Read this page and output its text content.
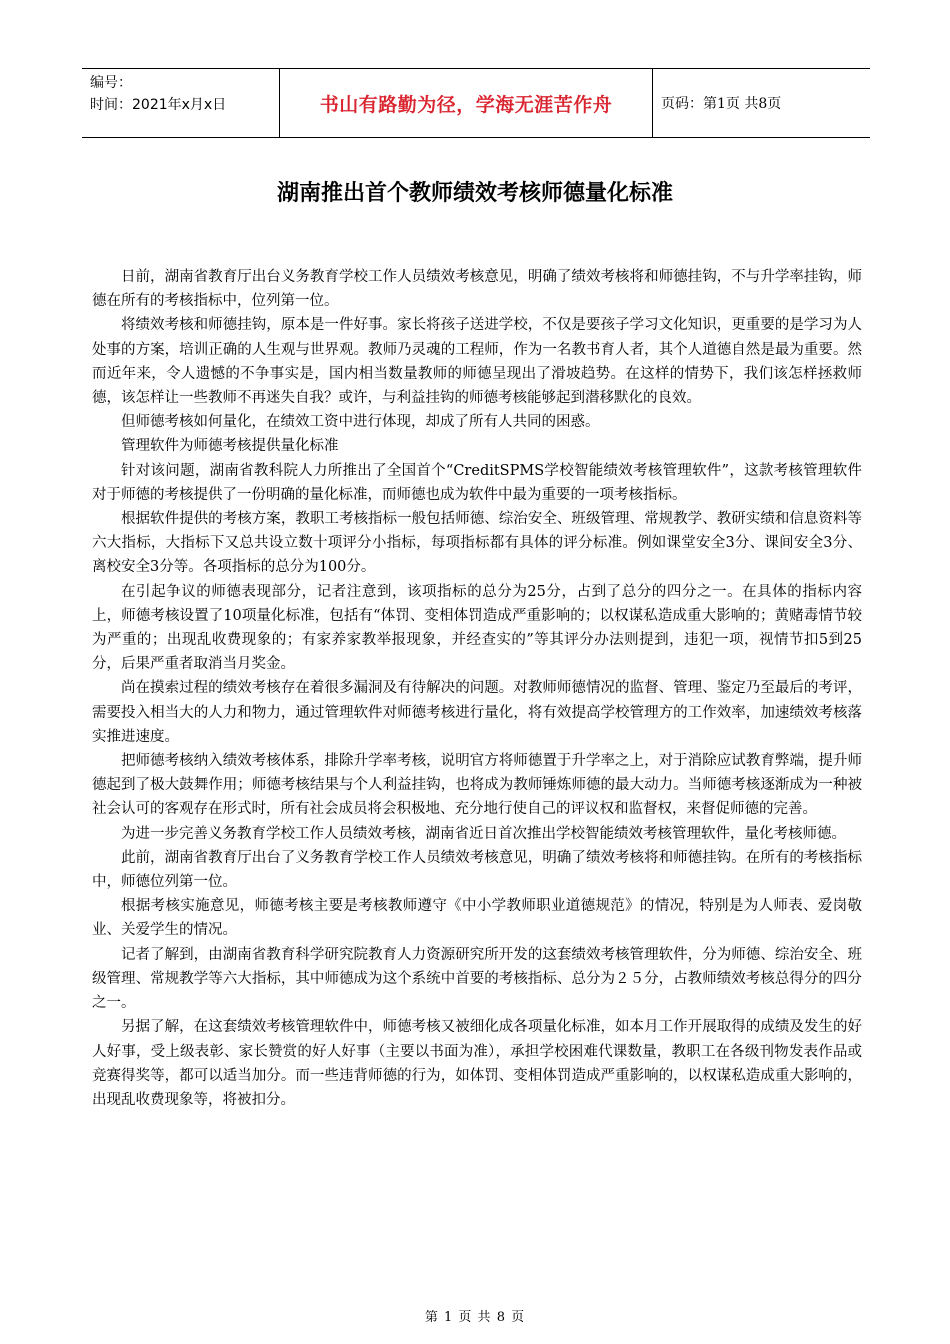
编号：
时间：2021年x月x日	书山有路勤为径，学海无涯苦作舟	页码：第1页 共8页
湖南推出首个教师绩效考核师德量化标准

日前，湖南省教育厅出台义务教育学校工作人员绩效考核意见，明确了绩效考核将和师德挂钩，不与升学率挂钩，师德在所有的考核指标中，位列第一位。

将绩效考核和师德挂钩，原本是一件好事。家长将孩子送进学校，不仅是要孩子学习文化知识，更重要的是学习为人处事的方案，培训正确的人生观与世界观。教师乃灵魂的工程师，作为一名教书育人者，其个人道德自然是最为重要。然而近年来，令人遗憾的不争事实是，国内相当数量教师的师德呈现出了滑坡趋势。在这样的情势下，我们该怎样拯救师德，该怎样让一些教师不再迷失自我？或许，与利益挂钩的师德考核能够起到潜移默化的良效。

但师德考核如何量化，在绩效工资中进行体现，却成了所有人共同的困惑。

管理软件为师德考核提供量化标准

针对该问题，湖南省教科院人力所推出了全国首个“CreditSPMS学校智能绩效考核管理软件”，这款考核管理软件对于师德的考核提供了一份明确的量化标准，而师德也成为软件中最为重要的一项考核指标。

根据软件提供的考核方案，教职工考核指标一般包括师德、综治安全、班级管理、常规教学、教研实绩和信息资料等六大指标，大指标下又总共设立数十项评分小指标，每项指标都有具体的评分标准。例如课堂安全3分、课间安全3分、离校安全3分等。各项指标的总分为100分。

在引起争议的师德表现部分，记者注意到，该项指标的总分为25分，占到了总分的四分之一。在具体的指标内容上，师德考核设置了10项量化标准，包括有“体罚、变相体罚造成严重影响的；以权谋私造成重大影响的；黄赌毒情节较为严重的；出现乱收费现象的；有家养家教举报现象，并经查实的”等其评分办法则提到，违犯一项，视情节扣5到25分，后果严重者取消当月奖金。

尚在摸索过程的绩效考核存在着很多漏洞及有待解决的问题。对教师师德情况的监督、管理、鉴定乃至最后的考评，需要投入相当大的人力和物力，通过管理软件对师德考核进行量化，将有效提高学校管理方的工作效率，加速绩效考核落实推进速度。

把师德考核纳入绩效考核体系，排除升学率考核，说明官方将师德置于升学率之上，对于消除应试教育弊端，提升师德起到了极大鼓舞作用；师德考核结果与个人利益挂钩，也将成为教师锤炼师德的最大动力。当师德考核逐渐成为一种被社会认可的客观存在形式时，所有社会成员将会积极地、充分地行使自己的评议权和监督权，来督促师德的完善。

为进一步完善义务教育学校工作人员绩效考核，湖南省近日首次推出学校智能绩效考核管理软件，量化考核师德。

此前，湖南省教育厅出台了义务教育学校工作人员绩效考核意见，明确了绩效考核将和师德挂钩。在所有的考核指标中，师德位列第一位。

根据考核实施意见，师德考核主要是考核教师遵守《中小学教师职业道德规范》的情况，特别是为人师表、爱岗敬业、关爱学生的情况。

记者了解到，由湖南省教育科学研究院教育人力资源研究所开发的这套绩效考核管理软件，分为师德、综治安全、班级管理、常规教学等六大指标，其中师德成为这个系统中首要的考核指标、总分为２５分，占教师绩效考核总得分的四分之一。

另据了解，在这套绩效考核管理软件中，师德考核又被细化成各项量化标准，如本月工作开展取得的成绩及发生的好人好事，受上级表彰、家长赞赏的好人好事（主要以书面为准），承担学校困难代课数量，教职工在各级刊物发表作品或竞赛得奖等，都可以适当加分。而一些违背师德的行为，如体罚、变相体罚造成严重影响的，以权谋私造成重大影响的，出现乱收费现象等，将被扣分。

第 1 页 共 8 页
